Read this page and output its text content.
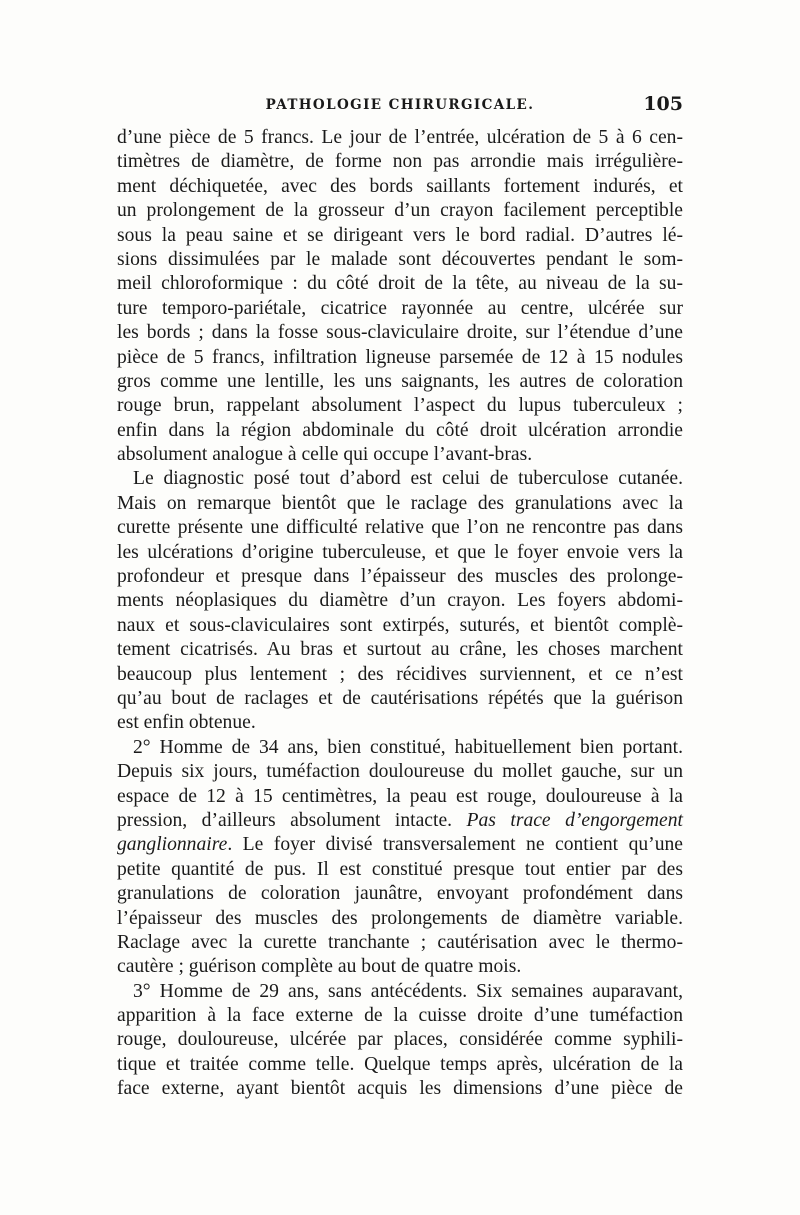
PATHOLOGIE CHIRURGICALE.	105
d’une pièce de 5 francs. Le jour de l’entrée, ulcération de 5 à 6 cen-
timètres de diamètre, de forme non pas arrondie mais irrégulière-
ment déchiquetée, avec des bords saillants fortement indurés, et
un prolongement de la grosseur d’un crayon facilement perceptible
sous la peau saine et se dirigeant vers le bord radial. D’autres lé-
sions dissimulées par le malade sont découvertes pendant le som-
meil chloroformique : du côté droit de la tête, au niveau de la su-
ture temporo-pariétale, cicatrice rayonnée au centre, ulcérée sur
les bords ; dans la fosse sous-claviculaire droite, sur l’étendue d’une
pièce de 5 francs, infiltration ligneuse parsemée de 12 à 15 nodules
gros comme une lentille, les uns saignants, les autres de coloration
rouge brun, rappelant absolument l’aspect du lupus tuberculeux ;
enfin dans la région abdominale du côté droit ulcération arrondie
absolument analogue à celle qui occupe l’avant-bras.
Le diagnostic posé tout d’abord est celui de tuberculose cutanée.
Mais on remarque bientôt que le raclage des granulations avec la
curette présente une difficulté relative que l’on ne rencontre pas dans
les ulcérations d’origine tuberculeuse, et que le foyer envoie vers la
profondeur et presque dans l’épaisseur des muscles des prolonge-
ments néoplasiques du diamètre d’un crayon. Les foyers abdomi-
naux et sous-claviculaires sont extirpés, suturés, et bientôt complè-
tement cicatrisés. Au bras et surtout au crâne, les choses marchent
beaucoup plus lentement ; des récidives surviennent, et ce n’est
qu’au bout de raclages et de cautérisations répétés que la guérison
est enfin obtenue.
2° Homme de 34 ans, bien constitué, habituellement bien portant.
Depuis six jours, tuméfaction douloureuse du mollet gauche, sur un
espace de 12 à 15 centimètres, la peau est rouge, douloureuse à la
pression, d’ailleurs absolument intacte. Pas trace d’engorgement
ganglionnaire. Le foyer divisé transversalement ne contient qu’une
petite quantité de pus. Il est constitué presque tout entier par des
granulations de coloration jaunâtre, envoyant profondément dans
l’épaisseur des muscles des prolongements de diamètre variable.
Raclage avec la curette tranchante ; cautérisation avec le thermo-
cautère ; guérison complète au bout de quatre mois.
3° Homme de 29 ans, sans antécédents. Six semaines auparavant,
apparition à la face externe de la cuisse droite d’une tuméfaction
rouge, douloureuse, ulcérée par places, considérée comme syphili-
tique et traitée comme telle. Quelque temps après, ulcération de la
face externe, ayant bientôt acquis les dimensions d’une pièce de
